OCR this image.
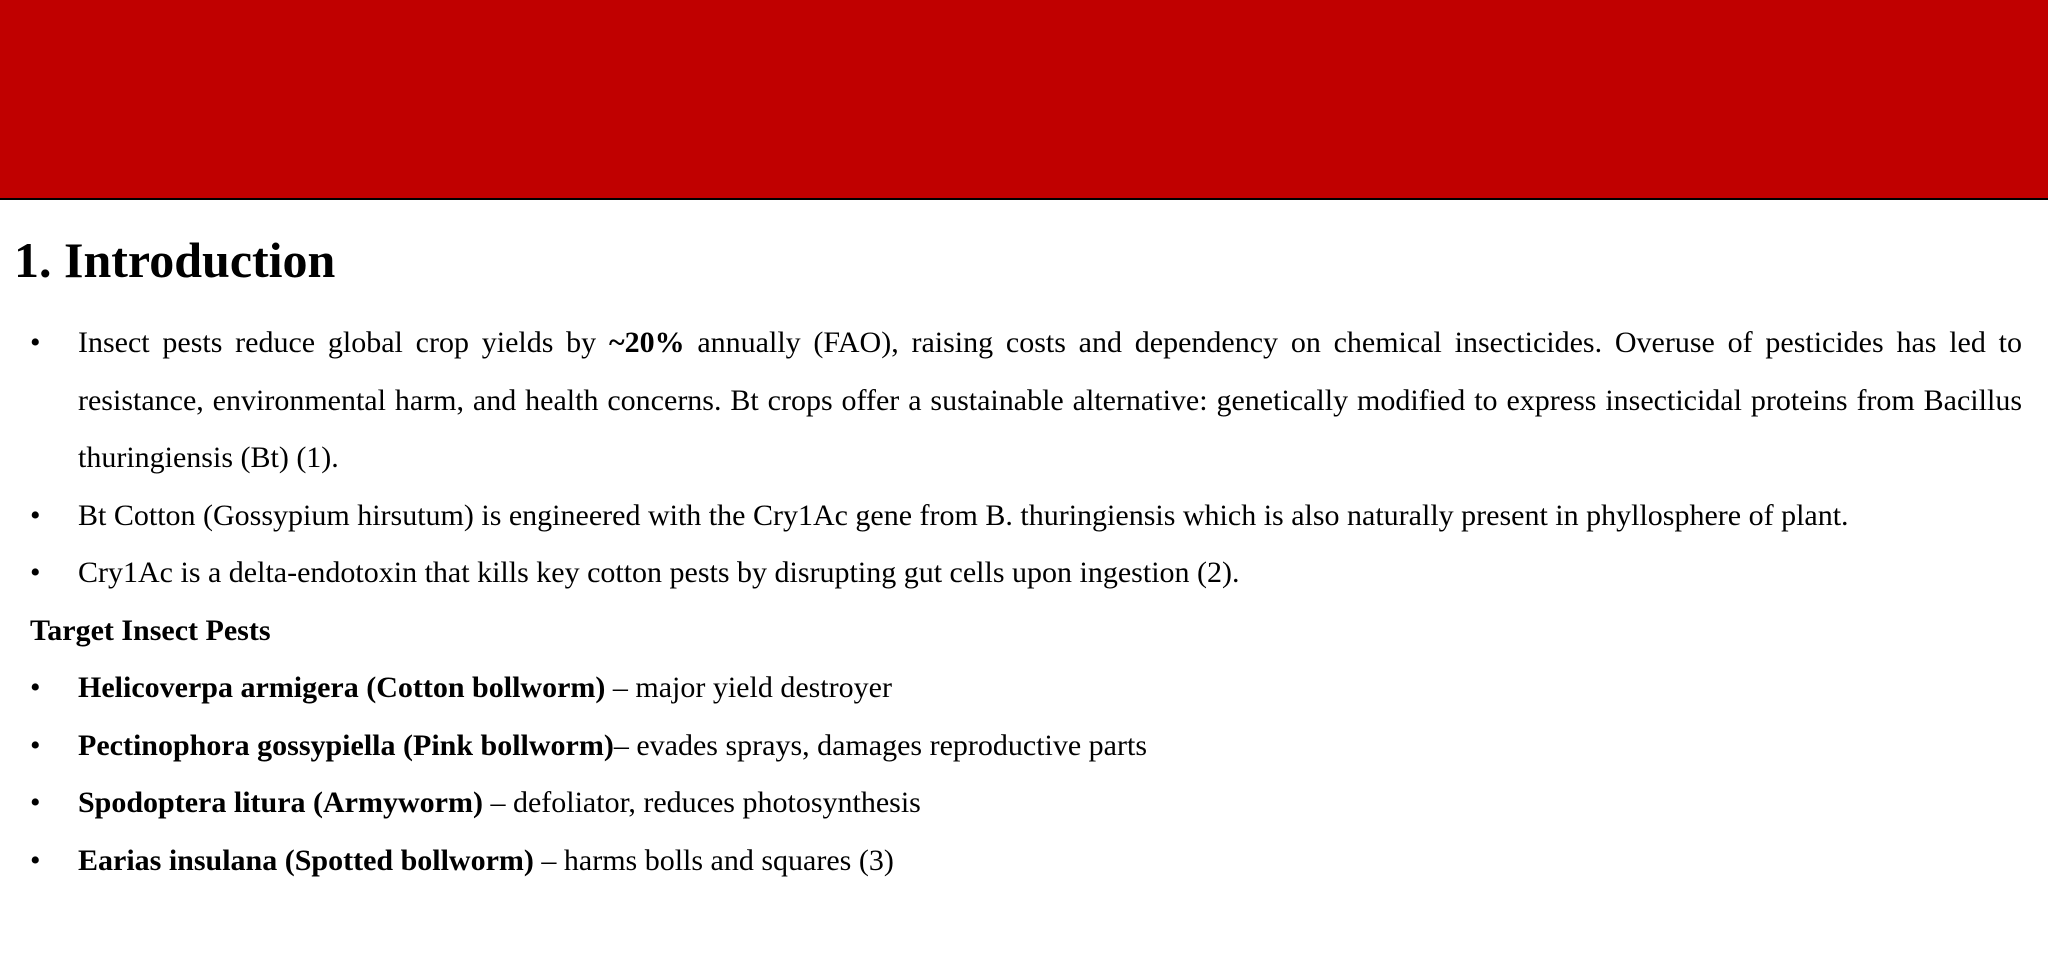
1. Introduction
• Insect pests reduce global crop yields by ~20% annually (FAO), raising costs and dependency on chemical insecticides. Overuse of pesticides has led to resistance, environmental harm, and health concerns. Bt crops offer a sustainable alternative: genetically modified to express insecticidal proteins from Bacillus thuringiensis (Bt) (1).
• Bt Cotton (Gossypium hirsutum) is engineered with the Cry1Ac gene from B. thuringiensis which is also naturally present in phyllosphere of plant.
• Cry1Ac is a delta-endotoxin that kills key cotton pests by disrupting gut cells upon ingestion (2).
Target Insect Pests
• Helicoverpa armigera (Cotton bollworm) – major yield destroyer
• Pectinophora gossypiella (Pink bollworm)– evades sprays, damages reproductive parts
• Spodoptera litura (Armyworm) – defoliator, reduces photosynthesis
• Earias insulana (Spotted bollworm) – harms bolls and squares (3)
